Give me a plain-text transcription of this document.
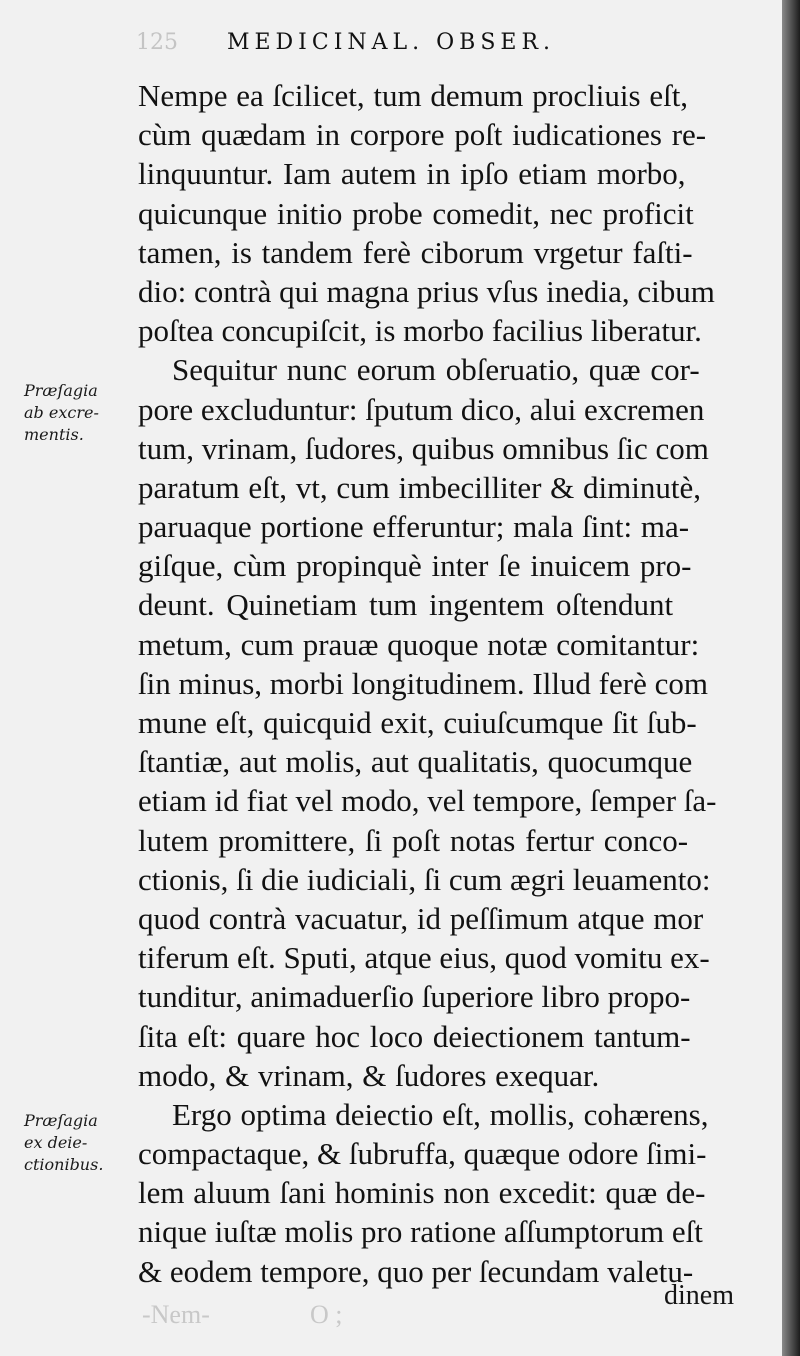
125	MEDICINAL. OBSER.
Nempe ea ſcilicet, tum demum procliuis eſt,
cùm quædam in corpore poſt iudicationes re-
linquuntur. Iam autem in ipſo etiam morbo,
quicunque initio probe comedit, nec proficit
tamen, is tandem ferè ciborum vrgetur faſti-
dio: contrà qui magna prius vſus inedia, cibum
poſtea concupiſcit, is morbo facilius liberatur.
Sequitur nunc eorum obſeruatio, quæ cor-
pore excluduntur: ſputum dico, alui excremen
tum, vrinam, ſudores, quibus omnibus ſic com
paratum eſt, vt, cum imbecilliter & diminutè,
paruaque portione efferuntur; mala ſint: ma-
giſque, cùm propinquè inter ſe inuicem pro-
deunt. Quinetiam tum ingentem oſtendunt
metum, cum prauæ quoque notæ comitantur:
ſin minus, morbi longitudinem. Illud ferè com
mune eſt, quicquid exit, cuiuſcumque ſit ſub-
ſtantiæ, aut molis, aut qualitatis, quocumque
etiam id fiat vel modo, vel tempore, ſemper ſa-
lutem promittere, ſi poſt notas fertur conco-
ctionis, ſi die iudiciali, ſi cum ægri leuamento:
quod contrà vacuatur, id peſſimum atque mor
tiferum eſt. Sputi, atque eius, quod vomitu ex-
tunditur, animaduerſio ſuperiore libro propo-
ſita eſt: quare hoc loco deiectionem tantum-
modo, & vrinam, & ſudores exequar.
Ergo optima deiectio eſt, mollis, cohærens,
compactaque, & ſubruffa, quæque odore ſimi-
lem aluum ſani hominis non excedit: quæ de-
nique iuſtæ molis pro ratione aſſumptorum eſt
& eodem tempore, quo per ſecundam valetu-
dinem
Præſagia
ab excre-
mentis.
Præſagia
ex deie-
ctionibus.
-Nem-	O ;
